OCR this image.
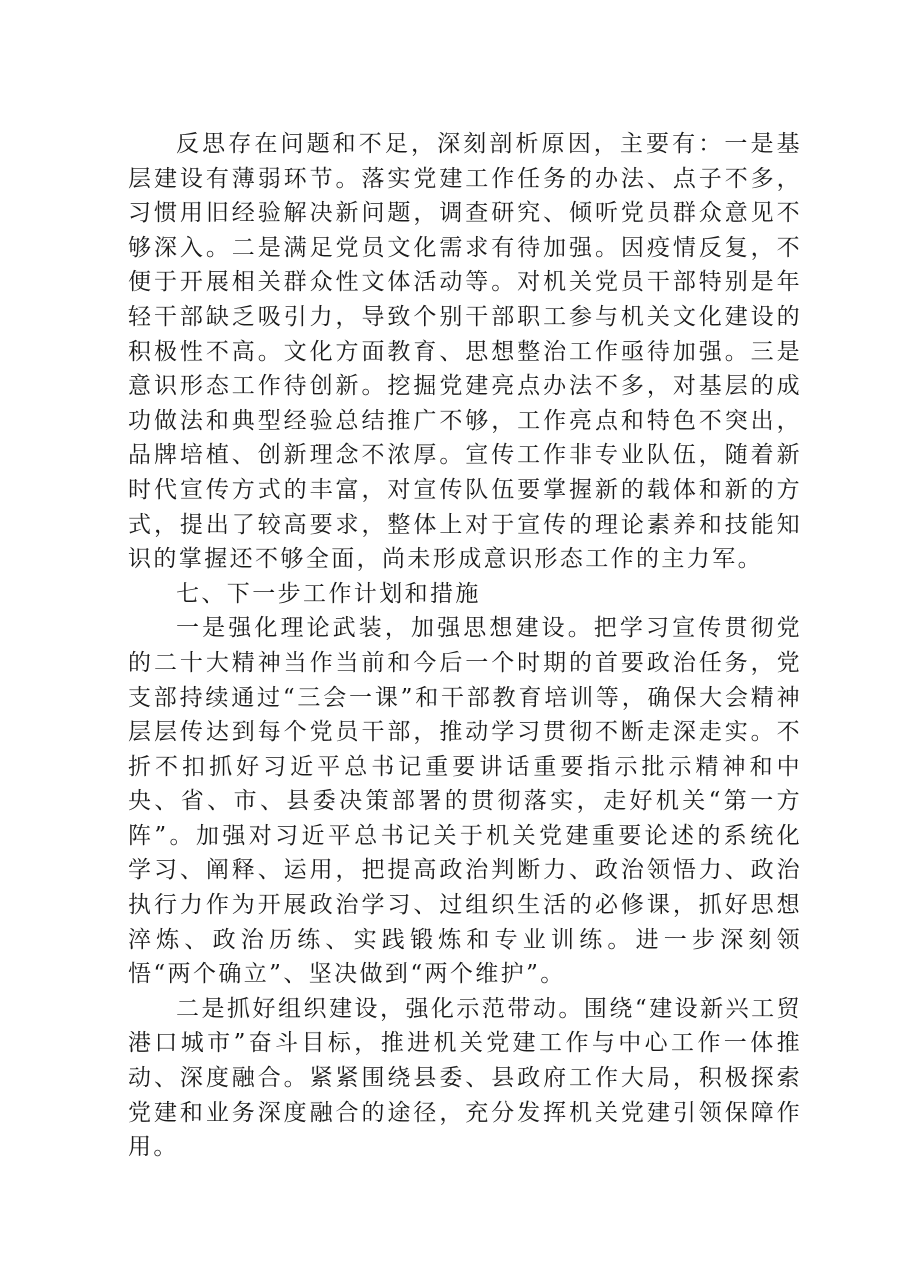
反思存在问题和不足，深刻剖析原因，主要有：一是基层建设有薄弱环节。落实党建工作任务的办法、点子不多，习惯用旧经验解决新问题，调查研究、倾听党员群众意见不够深入。二是满足党员文化需求有待加强。因疫情反复，不便于开展相关群众性文体活动等。对机关党员干部特别是年轻干部缺乏吸引力，导致个别干部职工参与机关文化建设的积极性不高。文化方面教育、思想整治工作亟待加强。三是意识形态工作待创新。挖掘党建亮点办法不多，对基层的成功做法和典型经验总结推广不够，工作亮点和特色不突出，品牌培植、创新理念不浓厚。宣传工作非专业队伍，随着新时代宣传方式的丰富，对宣传队伍要掌握新的载体和新的方式，提出了较高要求，整体上对于宣传的理论素养和技能知识的掌握还不够全面，尚未形成意识形态工作的主力军。

七、下一步工作计划和措施

一是强化理论武装，加强思想建设。把学习宣传贯彻党的二十大精神当作当前和今后一个时期的首要政治任务，党支部持续通过“三会一课”和干部教育培训等，确保大会精神层层传达到每个党员干部，推动学习贯彻不断走深走实。不折不扣抓好习近平总书记重要讲话重要指示批示精神和中央、省、市、县委决策部署的贯彻落实，走好机关“第一方阵”。加强对习近平总书记关于机关党建重要论述的系统化学习、阐释、运用，把提高政治判断力、政治领悟力、政治执行力作为开展政治学习、过组织生活的必修课，抓好思想淬炼、政治历练、实践锻炼和专业训练。进一步深刻领悟“两个确立”、坚决做到“两个维护”。

二是抓好组织建设，强化示范带动。围绕“建设新兴工贸港口城市”奋斗目标，推进机关党建工作与中心工作一体推动、深度融合。紧紧围绕县委、县政府工作大局，积极探索党建和业务深度融合的途径，充分发挥机关党建引领保障作用。
